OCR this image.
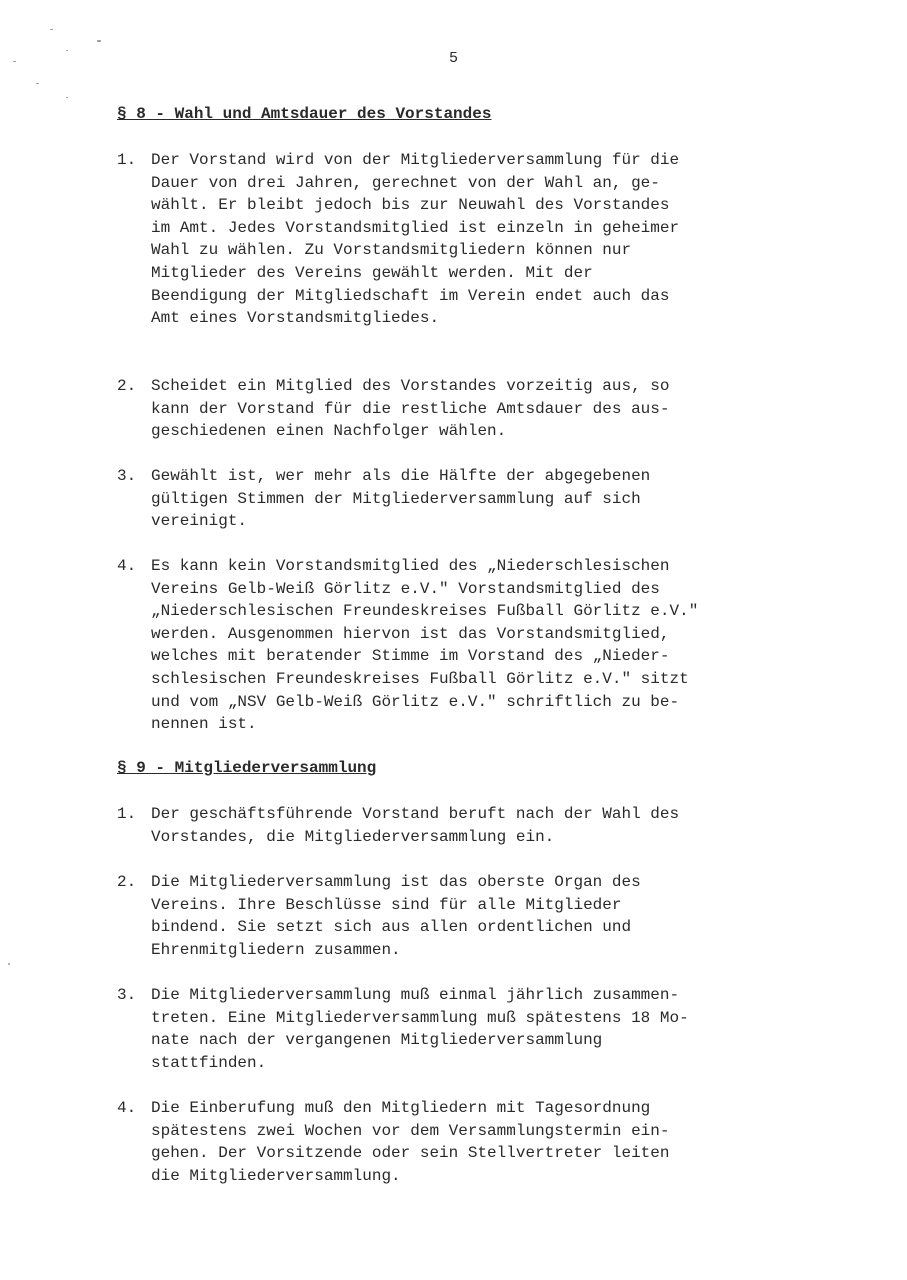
5
§ 8 - Wahl und Amtsdauer des Vorstandes
1. Der Vorstand wird von der Mitgliederversammlung für die
Dauer von drei Jahren, gerechnet von der Wahl an, ge-
wählt. Er bleibt jedoch bis zur Neuwahl des Vorstandes
im Amt. Jedes Vorstandsmitglied ist einzeln in geheimer
Wahl zu wählen. Zu Vorstandsmitgliedern können nur
Mitglieder des Vereins gewählt werden. Mit der
Beendigung der Mitgliedschaft im Verein endet auch das
Amt eines Vorstandsmitgliedes.
2. Scheidet ein Mitglied des Vorstandes vorzeitig aus, so
kann der Vorstand für die restliche Amtsdauer des aus-
geschiedenen einen Nachfolger wählen.
3. Gewählt ist, wer mehr als die Hälfte der abgegebenen
gültigen Stimmen der Mitgliederversammlung auf sich
vereinigt.
4. Es kann kein Vorstandsmitglied des „Niederschlesischen
Vereins Gelb-Weiß Görlitz e.V." Vorstandsmitglied des
„Niederschlesischen Freundeskreises Fußball Görlitz e.V."
werden. Ausgenommen hiervon ist das Vorstandsmitglied,
welches mit beratender Stimme im Vorstand des „Nieder-
schlesischen Freundeskreises Fußball Görlitz e.V." sitzt
und vom „NSV Gelb-Weiß Görlitz e.V." schriftlich zu be-
nennen ist.
§ 9 - Mitgliederversammlung
1. Der geschäftsführende Vorstand beruft nach der Wahl des
Vorstandes, die Mitgliederversammlung ein.
2. Die Mitgliederversammlung ist das oberste Organ des
Vereins. Ihre Beschlüsse sind für alle Mitglieder
bindend. Sie setzt sich aus allen ordentlichen und
Ehrenmitgliedern zusammen.
3. Die Mitgliederversammlung muß einmal jährlich zusammen-
treten. Eine Mitgliederversammlung muß spätestens 18 Mo-
nate nach der vergangenen Mitgliederversammlung
stattfinden.
4. Die Einberufung muß den Mitgliedern mit Tagesordnung
spätestens zwei Wochen vor dem Versammlungstermin ein-
gehen. Der Vorsitzende oder sein Stellvertreter leiten
die Mitgliederversammlung.
